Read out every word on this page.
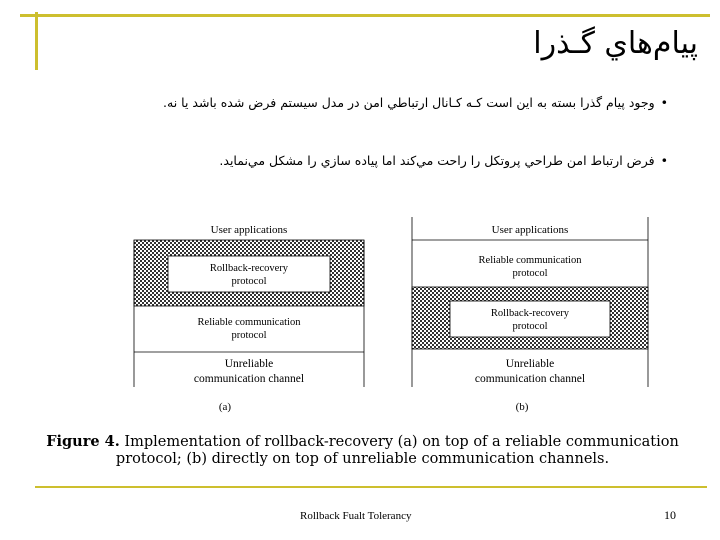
پيام‌هاي گـذرا
•وجود پيام گذرا بسته به اين است كـه كـانال ارتباطي امن در مدل سيستم فرض شده باشد يا نه.
•فرض ارتباط امن طراحي پروتكل را راحت مي‌كند اما پياده سازي را مشكل مي‌نمايد.
User applications
Rollback-recovery
protocol
Reliable communication
protocol
Unreliable
communication channel
(a)
User applications
Reliable communication
protocol
Rollback-recovery
protocol
Unreliable
communication channel
(b)
Figure 4. Implementation of rollback-recovery (a) on top of a reliable communication protocol; (b) directly on top of unreliable communication channels.
Rollback Fualt Tolerancy	10
